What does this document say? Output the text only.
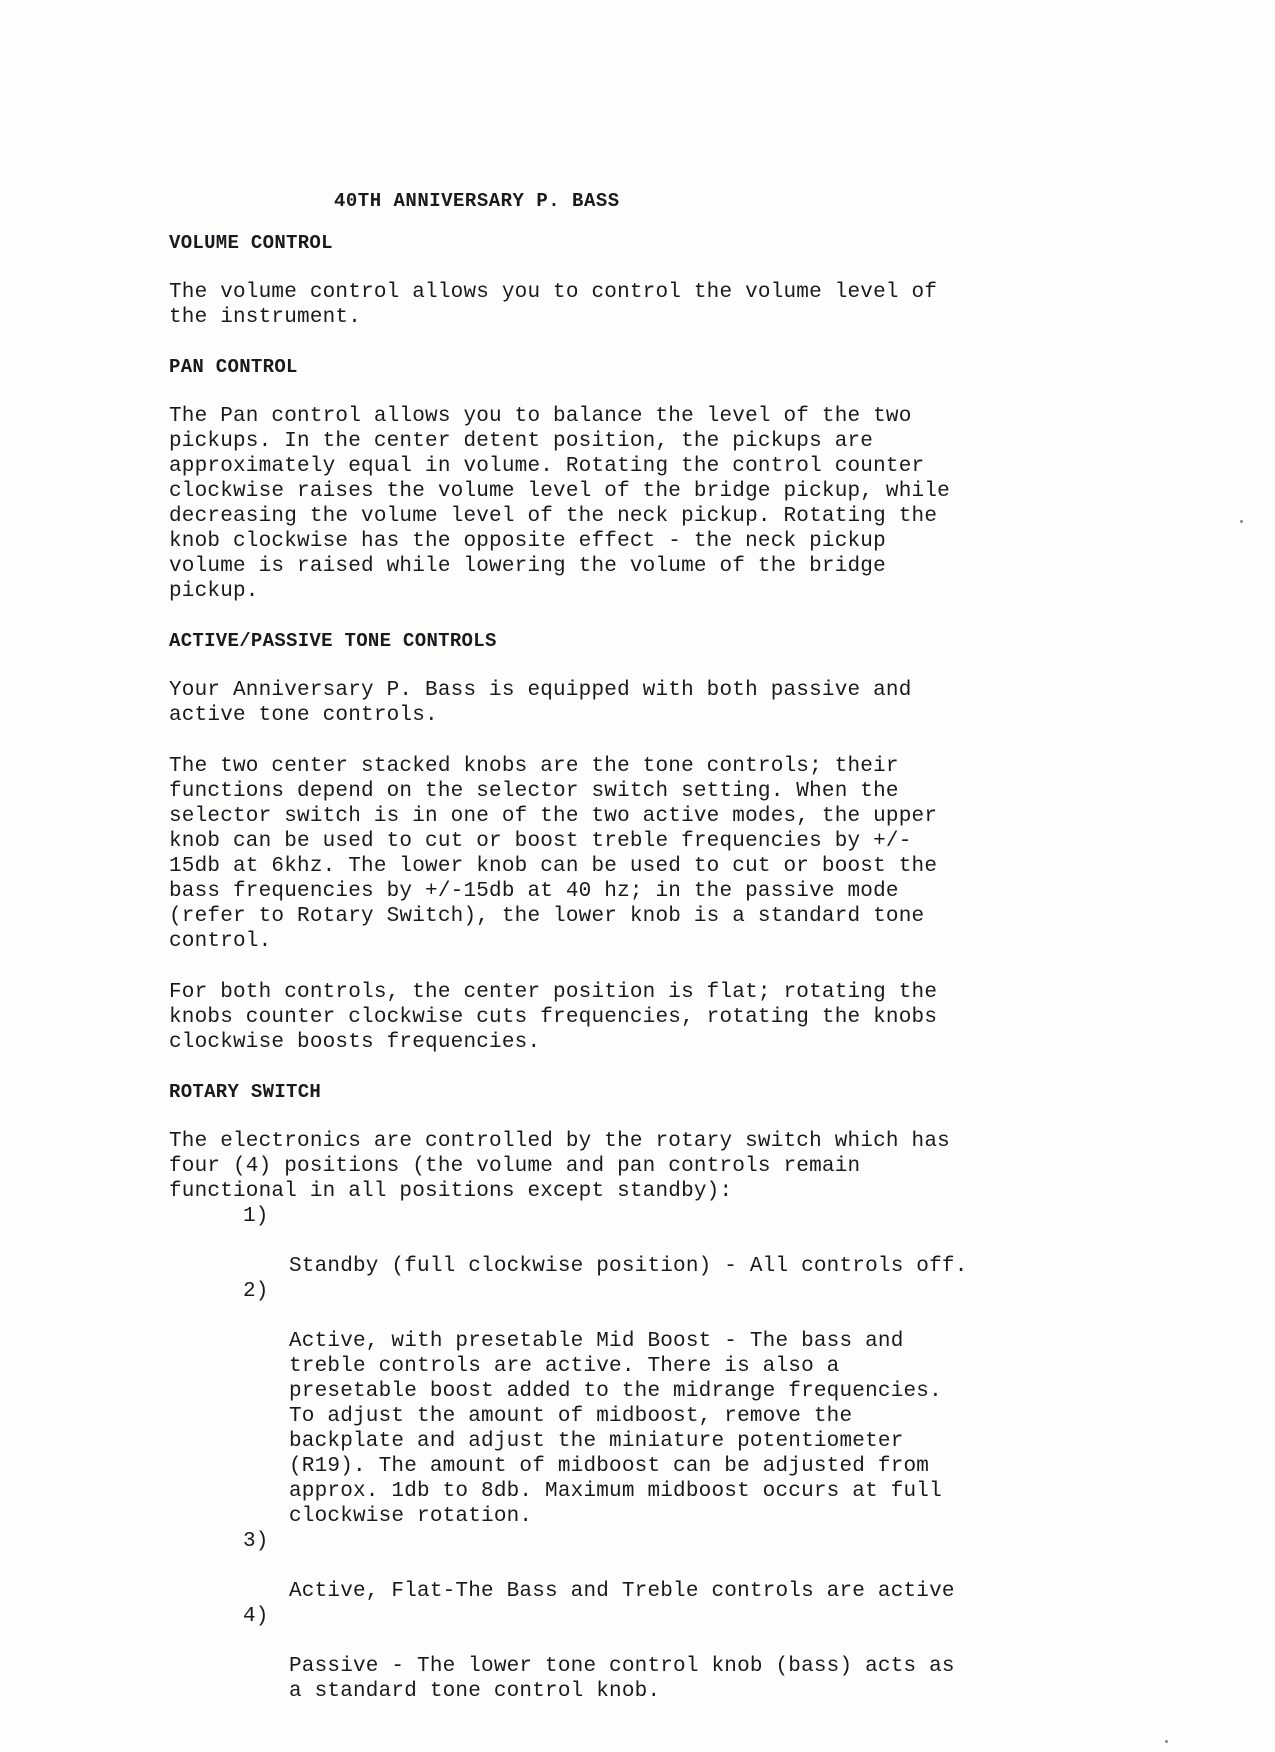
40TH ANNIVERSARY P. BASS
VOLUME CONTROL
The volume control allows you to control the volume level of
the instrument.
PAN CONTROL
The Pan control allows you to balance the level of the two
pickups. In the center detent position, the pickups are
approximately equal in volume. Rotating the control counter
clockwise raises the volume level of the bridge pickup, while
decreasing the volume level of the neck pickup. Rotating the
knob clockwise has the opposite effect - the neck pickup
volume is raised while lowering the volume of the bridge
pickup.
ACTIVE/PASSIVE TONE CONTROLS
Your Anniversary P. Bass is equipped with both passive and
active tone controls.
The two center stacked knobs are the tone controls; their
functions depend on the selector switch setting. When the
selector switch is in one of the two active modes, the upper
knob can be used to cut or boost treble frequencies by +/-
15db at 6khz. The lower knob can be used to cut or boost the
bass frequencies by +/-15db at 40 hz; in the passive mode
(refer to Rotary Switch), the lower knob is a standard tone
control.
For both controls, the center position is flat; rotating the
knobs counter clockwise cuts frequencies, rotating the knobs
clockwise boosts frequencies.
ROTARY SWITCH
The electronics are controlled by the rotary switch which has
four (4) positions (the volume and pan controls remain
functional in all positions except standby):

1)

Standby (full clockwise position) - All controls off.

2)

Active, with presetable Mid Boost - The bass and
treble controls are active. There is also a
presetable boost added to the midrange frequencies.
To adjust the amount of midboost, remove the
backplate and adjust the miniature potentiometer
(R19). The amount of midboost can be adjusted from
approx. 1db to 8db. Maximum midboost occurs at full
clockwise rotation.

3)

Active, Flat-The Bass and Treble controls are active

4)

Passive - The lower tone control knob (bass) acts as
a standard tone control knob.
